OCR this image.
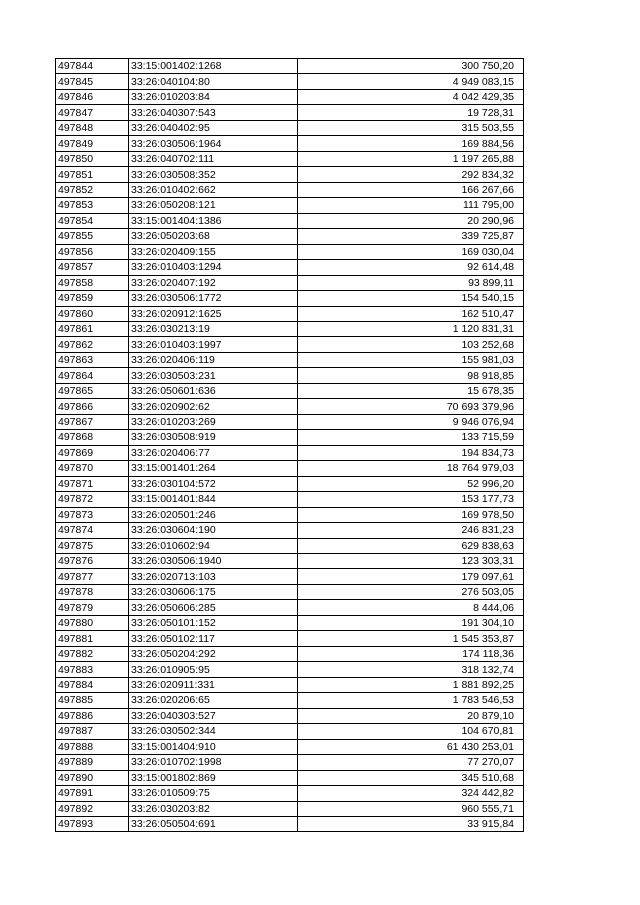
497844	33:15:001402:1268	300 750,20
497845	33:26:040104:80	4 949 083,15
497846	33:26:010203:84	4 042 429,35
497847	33:26:040307:543	19 728,31
497848	33:26:040402:95	315 503,55
497849	33:26:030506:1964	169 884,56
497850	33:26:040702:111	1 197 265,88
497851	33:26:030508:352	292 834,32
497852	33:26:010402:662	166 267,66
497853	33:26:050208:121	111 795,00
497854	33:15:001404:1386	20 290,96
497855	33:26:050203:68	339 725,87
497856	33:26:020409:155	169 030,04
497857	33:26:010403:1294	92 614,48
497858	33:26:020407:192	93 899,11
497859	33:26:030506:1772	154 540,15
497860	33:26:020912:1625	162 510,47
497861	33:26:030213:19	1 120 831,31
497862	33:26:010403:1997	103 252,68
497863	33:26:020406:119	155 981,03
497864	33:26:030503:231	98 918,85
497865	33:26:050601:636	15 678,35
497866	33:26:020902:62	70 693 379,96
497867	33:26:010203:269	9 946 076,94
497868	33:26:030508:919	133 715,59
497869	33:26:020406:77	194 834,73
497870	33:15:001401:264	18 764 979,03
497871	33:26:030104:572	52 996,20
497872	33:15:001401:844	153 177,73
497873	33:26:020501:246	169 978,50
497874	33:26:030604:190	246 831,23
497875	33:26:010602:94	629 838,63
497876	33:26:030506:1940	123 303,31
497877	33:26:020713:103	179 097,61
497878	33:26:030606:175	276 503,05
497879	33:26:050606:285	8 444,06
497880	33:26:050101:152	191 304,10
497881	33:26:050102:117	1 545 353,87
497882	33:26:050204:292	174 118,36
497883	33:26:010905:95	318 132,74
497884	33:26:020911:331	1 881 892,25
497885	33:26:020206:65	1 783 546,53
497886	33:26:040303:527	20 879,10
497887	33:26:030502:344	104 670,81
497888	33:15:001404:910	61 430 253,01
497889	33:26:010702:1998	77 270,07
497890	33:15:001802:869	345 510,68
497891	33:26:010509:75	324 442,82
497892	33:26:030203:82	960 555,71
497893	33:26:050504:691	33 915,84
